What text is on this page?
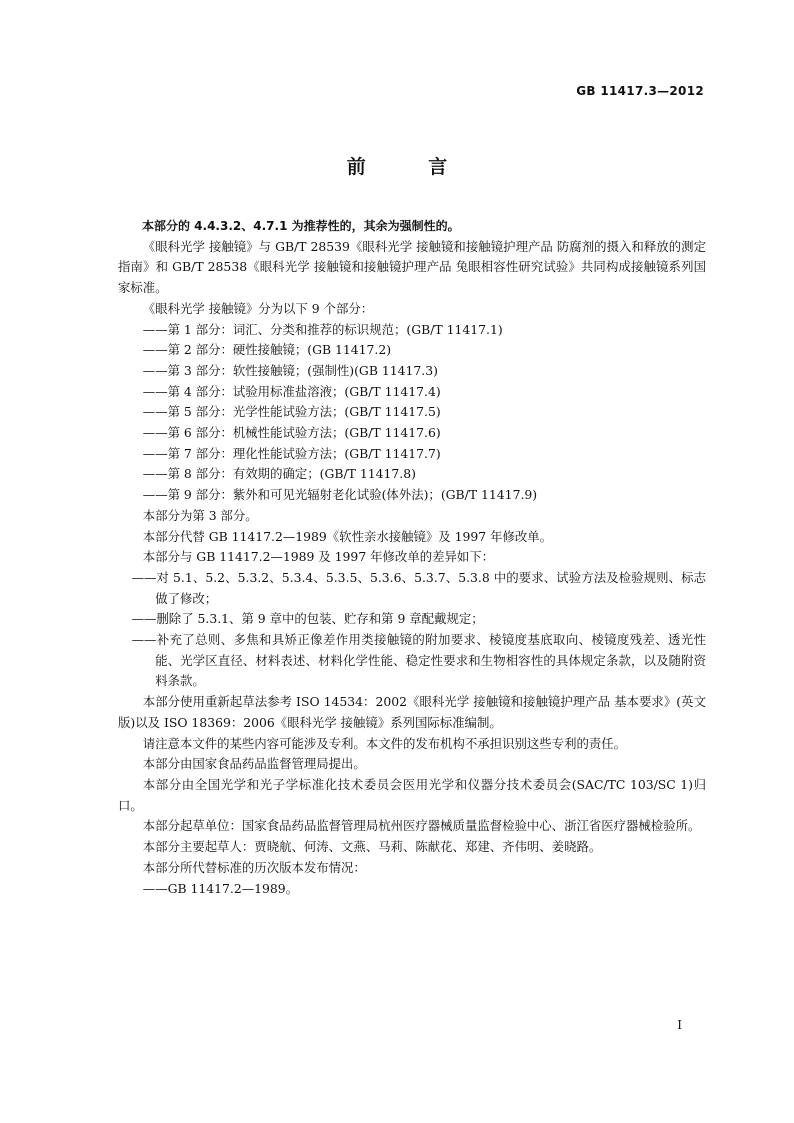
GB 11417.3—2012
前 言

本部分的 4.4.3.2、4.7.1 为推荐性的，其余为强制性的。

《眼科光学 接触镜》与 GB/T 28539《眼科光学 接触镜和接触镜护理产品 防腐剂的摄入和释放的测定指南》和 GB/T 28538《眼科光学 接触镜和接触镜护理产品 兔眼相容性研究试验》共同构成接触镜系列国家标准。

《眼科光学 接触镜》分为以下 9 个部分：

——第 1 部分：词汇、分类和推荐的标识规范；(GB/T 11417.1)

——第 2 部分：硬性接触镜；(GB 11417.2)

——第 3 部分：软性接触镜；(强制性)(GB 11417.3)

——第 4 部分：试验用标准盐溶液；(GB/T 11417.4)

——第 5 部分：光学性能试验方法；(GB/T 11417.5)

——第 6 部分：机械性能试验方法；(GB/T 11417.6)

——第 7 部分：理化性能试验方法；(GB/T 11417.7)

——第 8 部分：有效期的确定；(GB/T 11417.8)

——第 9 部分：紫外和可见光辐射老化试验(体外法)；(GB/T 11417.9)

本部分为第 3 部分。

本部分代替 GB 11417.2—1989《软性亲水接触镜》及 1997 年修改单。

本部分与 GB 11417.2—1989 及 1997 年修改单的差异如下：

——对 5.1、5.2、5.3.2、5.3.4、5.3.5、5.3.6、5.3.7、5.3.8 中的要求、试验方法及检验规则、标志做了修改；

——删除了 5.3.1、第 9 章中的包装、贮存和第 9 章配戴规定；

——补充了总则、多焦和具矫正像差作用类接触镜的附加要求、棱镜度基底取向、棱镜度残差、透光性能、光学区直径、材料表述、材料化学性能、稳定性要求和生物相容性的具体规定条款，以及随附资料条款。

本部分使用重新起草法参考 ISO 14534：2002《眼科光学 接触镜和接触镜护理产品 基本要求》(英文版)以及 ISO 18369：2006《眼科光学 接触镜》系列国际标准编制。

请注意本文件的某些内容可能涉及专利。本文件的发布机构不承担识别这些专利的责任。

本部分由国家食品药品监督管理局提出。

本部分由全国光学和光子学标准化技术委员会医用光学和仪器分技术委员会(SAC/TC 103/SC 1)归口。

本部分起草单位：国家食品药品监督管理局杭州医疗器械质量监督检验中心、浙江省医疗器械检验所。

本部分主要起草人：贾晓航、何涛、文燕、马莉、陈献花、郑建、齐伟明、姜晓路。

本部分所代替标准的历次版本发布情况：

——GB 11417.2—1989。

I
